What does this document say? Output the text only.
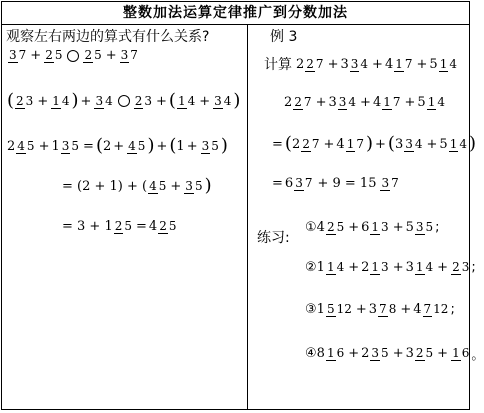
整数加法运算定律推广到分数加法
观察左右两边的算式有什么关系?
3 7 + 2 5 2 5 + 3 7
( 2 3 + 1 4 ) + 3 4 2 3 + ( 1 4 + 3 4 )
2 4 5 + 1 3 5 = ( 2 + 4 5 ) + ( 1 + 3 5 )
= (2 + 1) + ( 4 5 + 3 5 )
= 3 + 1 2 5 = 4 2 5
例 3
计算 2 2 7 + 3 3 4 + 4 1 7 + 5 1 4
2 2 7 + 3 3 4 + 4 1 7 + 5 1 4
= ( 2 2 7 + 4 1 7 ) + ( 3 3 4 + 5 1 4 )
= 6 3 7 + 9 = 15 3 7
练习:
① 4 2 5 + 6 1 3 + 5 3 5 ;
② 1 1 4 + 2 1 3 + 3 1 4 + 2 3 ;
③ 1 5 12 + 3 7 8 + 4 7 12 ;
④ 8 1 6 + 2 3 5 + 3 2 5 + 1 6 。
